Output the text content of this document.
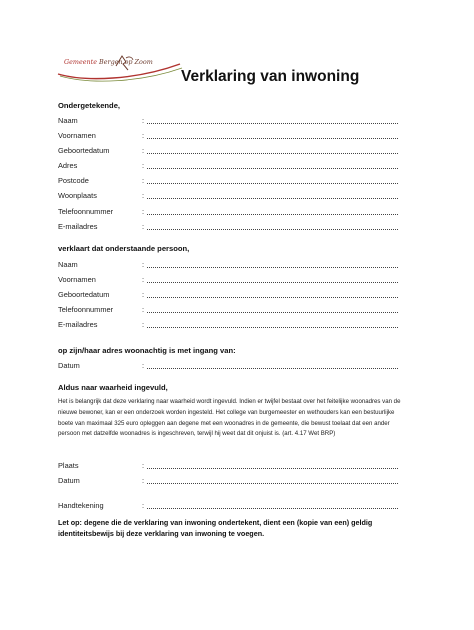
Gemeente Bergen op Zoom
Verklaring van inwoning
Ondergetekende,
Naam	:
Voornamen	:
Geboortedatum	:
Adres	:
Postcode	:
Woonplaats	:
Telefoonnummer	:
E-mailadres	:
verklaart dat onderstaande persoon,
Naam	:
Voornamen	:
Geboortedatum	:
Telefoonnummer	:
E-mailadres	:
op zijn/haar adres woonachtig is met ingang van:
Datum	:
Aldus naar waarheid ingevuld,
Het is belangrijk dat deze verklaring naar waarheid wordt ingevuld. Indien er twijfel bestaat over het feitelijke woonadres van de nieuwe bewoner, kan er een onderzoek worden ingesteld. Het college van burgemeester en wethouders kan een bestuurlijke boete van maximaal 325 euro opleggen aan degene met een woonadres in de gemeente, die bewust toelaat dat een ander persoon met datzelfde woonadres is ingeschreven, terwijl hij weet dat dit onjuist is. (art. 4.17 Wet BRP)
Plaats	:
Datum	:
Handtekening	:
Let op: degene die de verklaring van inwoning ondertekent, dient een (kopie van een) geldig identiteitsbewijs bij deze verklaring van inwoning te voegen.
